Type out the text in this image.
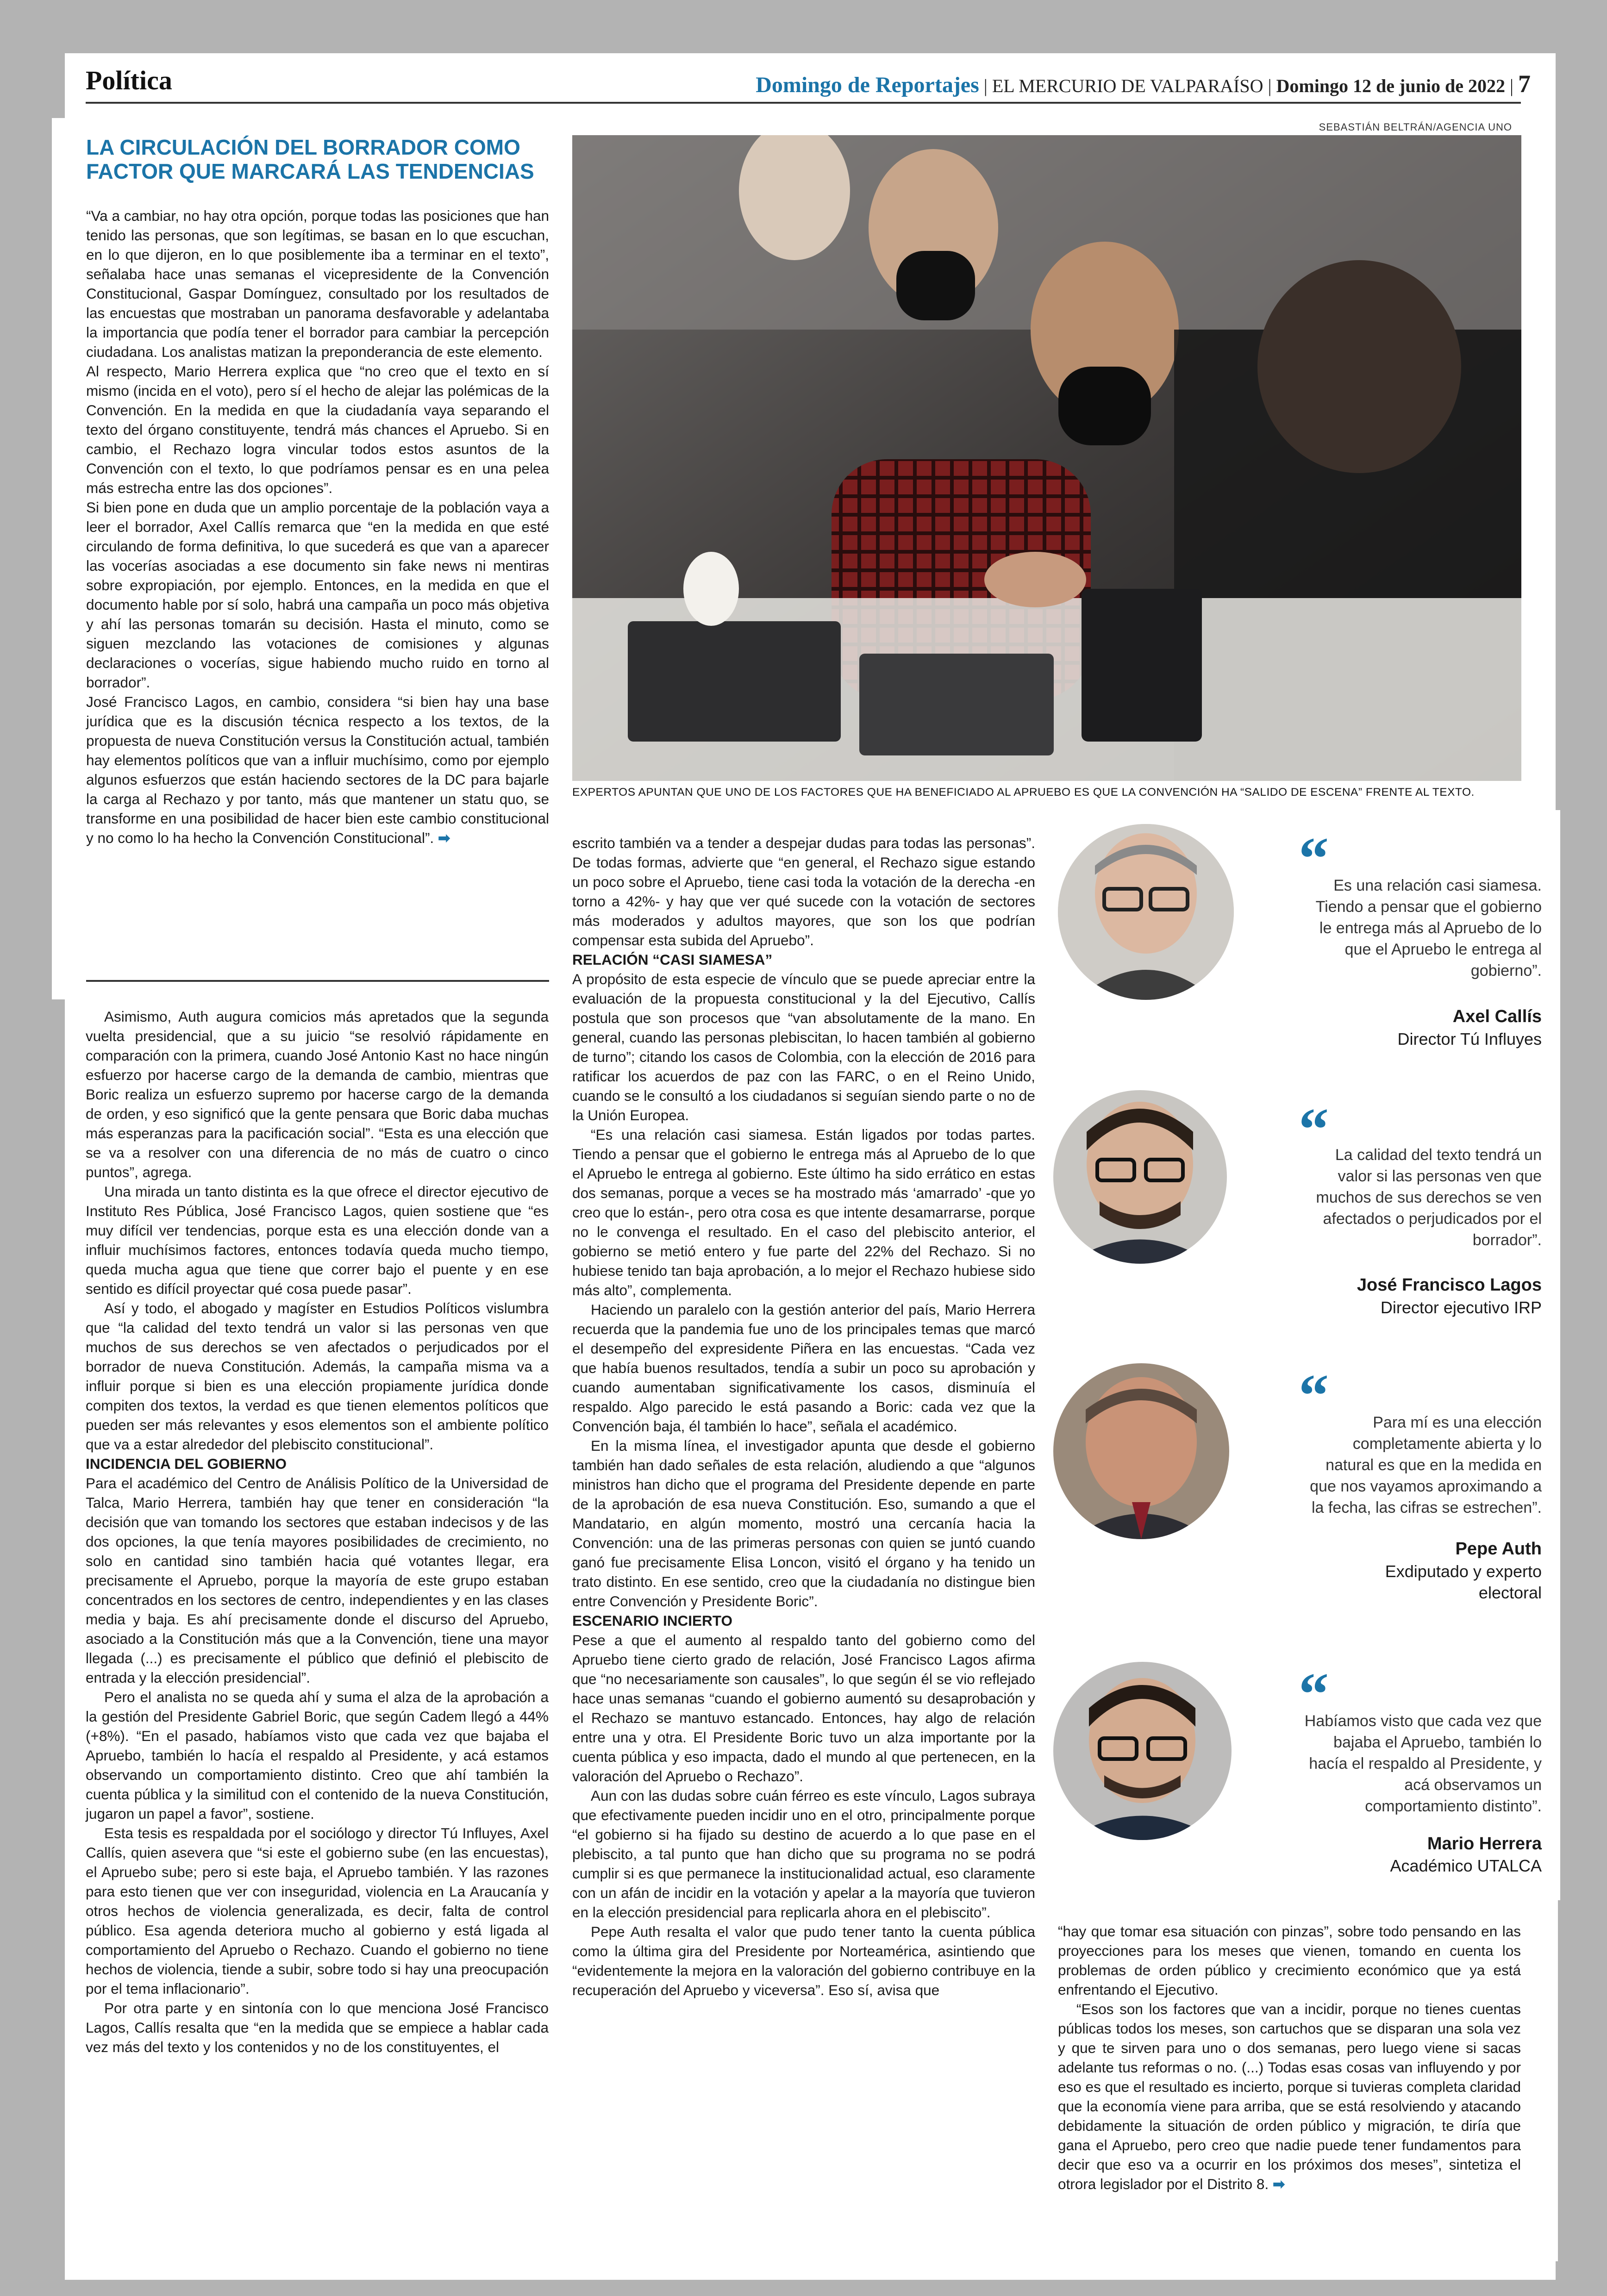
Política	Domingo de Reportajes | EL MERCURIO DE VALPARAÍSO | Domingo 12 de junio de 2022 | 7
SEBASTIÁN BELTRÁN/AGENCIA UNO
EXPERTOS APUNTAN QUE UNO DE LOS FACTORES QUE HA BENEFICIADO AL APRUEBO ES QUE LA CONVENCIÓN HA “SALIDO DE ESCENA” FRENTE AL TEXTO.
LA CIRCULACIÓN DEL BORRADOR COMO FACTOR QUE MARCARÁ LAS TENDENCIAS

“Va a cambiar, no hay otra opción, porque todas las posiciones que han tenido las personas, que son legítimas, se basan en lo que escuchan, en lo que dijeron, en lo que posiblemente iba a terminar en el texto”, señalaba hace unas semanas el vicepresidente de la Convención Constitucional, Gaspar Domínguez, consultado por los resultados de las encuestas que mostraban un panorama desfavorable y adelantaba la importancia que podía tener el borrador para cambiar la percepción ciudadana. Los analistas matizan la preponderancia de este elemento.

Al respecto, Mario Herrera explica que “no creo que el texto en sí mismo (incida en el voto), pero sí el hecho de alejar las polémicas de la Convención. En la medida en que la ciudadanía vaya separando el texto del órgano constituyente, tendrá más chances el Apruebo. Si en cambio, el Rechazo logra vincular todos estos asuntos de la Convención con el texto, lo que podríamos pensar es en una pelea más estrecha entre las dos opciones”.

Si bien pone en duda que un amplio porcentaje de la población vaya a leer el borrador, Axel Callís remarca que “en la medida en que esté circulando de forma definitiva, lo que sucederá es que van a aparecer las vocerías asociadas a ese documento sin fake news ni mentiras sobre expropiación, por ejemplo. Entonces, en la medida en que el documento hable por sí solo, habrá una campaña un poco más objetiva y ahí las personas tomarán su decisión. Hasta el minuto, como se siguen mezclando las votaciones de comisiones y algunas declaraciones o vocerías, sigue habiendo mucho ruido en torno al borrador”.

José Francisco Lagos, en cambio, considera “si bien hay una base jurídica que es la discusión técnica respecto a los textos, de la propuesta de nueva Constitución versus la Constitución actual, también hay elementos políticos que van a influir muchísimo, como por ejemplo algunos esfuerzos que están haciendo sectores de la DC para bajarle la carga al Rechazo y por tanto, más que mantener un statu quo, se transforme en una posibilidad de hacer bien este cambio constitucional y no como lo ha hecho la Convención Constitucional”. ➡

Asimismo, Auth augura comicios más apretados que la segunda vuelta presidencial, que a su juicio “se resolvió rápidamente en comparación con la primera, cuando José Antonio Kast no hace ningún esfuerzo por hacerse cargo de la demanda de cambio, mientras que Boric realiza un esfuerzo supremo por hacerse cargo de la demanda de orden, y eso significó que la gente pensara que Boric daba muchas más esperanzas para la pacificación social”. “Esta es una elección que se va a resolver con una diferencia de no más de cuatro o cinco puntos”, agrega.

Una mirada un tanto distinta es la que ofrece el director ejecutivo de Instituto Res Pública, José Francisco Lagos, quien sostiene que “es muy difícil ver tendencias, porque esta es una elección donde van a influir muchísimos factores, entonces todavía queda mucho tiempo, queda mucha agua que tiene que correr bajo el puente y en ese sentido es difícil proyectar qué cosa puede pasar”.

Así y todo, el abogado y magíster en Estudios Políticos vislumbra que “la calidad del texto tendrá un valor si las personas ven que muchos de sus derechos se ven afectados o perjudicados por el borrador de nueva Constitución. Además, la campaña misma va a influir porque si bien es una elección propiamente jurídica donde compiten dos textos, la verdad es que tienen elementos políticos que pueden ser más relevantes y esos elementos son el ambiente político que va a estar alrededor del plebiscito constitucional”.

INCIDENCIA DEL GOBIERNO

Para el académico del Centro de Análisis Político de la Universidad de Talca, Mario Herrera, también hay que tener en consideración “la decisión que van tomando los sectores que estaban indecisos y de las dos opciones, la que tenía mayores posibilidades de crecimiento, no solo en cantidad sino también hacia qué votantes llegar, era precisamente el Apruebo, porque la mayoría de este grupo estaban concentrados en los sectores de centro, independientes y en las clases media y baja. Es ahí precisamente donde el discurso del Apruebo, asociado a la Constitución más que a la Convención, tiene una mayor llegada (...) es precisamente el público que definió el plebiscito de entrada y la elección presidencial”.

Pero el analista no se queda ahí y suma el alza de la aprobación a la gestión del Presidente Gabriel Boric, que según Cadem llegó a 44% (+8%). “En el pasado, habíamos visto que cada vez que bajaba el Apruebo, también lo hacía el respaldo al Presidente, y acá estamos observando un comportamiento distinto. Creo que ahí también la cuenta pública y la similitud con el contenido de la nueva Constitución, jugaron un papel a favor”, sostiene.

Esta tesis es respaldada por el sociólogo y director Tú Influyes, Axel Callís, quien asevera que “si este el gobierno sube (en las encuestas), el Apruebo sube; pero si este baja, el Apruebo también. Y las razones para esto tienen que ver con inseguridad, violencia en La Araucanía y otros hechos de violencia generalizada, es decir, falta de control público. Esa agenda deteriora mucho al gobierno y está ligada al comportamiento del Apruebo o Rechazo. Cuando el gobierno no tiene hechos de violencia, tiende a subir, sobre todo si hay una preocupación por el tema inflacionario”.

Por otra parte y en sintonía con lo que menciona José Francisco Lagos, Callís resalta que “en la medida que se empiece a hablar cada vez más del texto y los contenidos y no de los constituyentes, el

escrito también va a tender a despejar dudas para todas las personas”. De todas formas, advierte que “en general, el Rechazo sigue estando un poco sobre el Apruebo, tiene casi toda la votación de la derecha -en torno a 42%- y hay que ver qué sucede con la votación de sectores más moderados y adultos mayores, que son los que podrían compensar esta subida del Apruebo”.

RELACIÓN “CASI SIAMESA”

A propósito de esta especie de vínculo que se puede apreciar entre la evaluación de la propuesta constitucional y la del Ejecutivo, Callís postula que son procesos que “van absolutamente de la mano. En general, cuando las personas plebiscitan, lo hacen también al gobierno de turno”; citando los casos de Colombia, con la elección de 2016 para ratificar los acuerdos de paz con las FARC, o en el Reino Unido, cuando se le consultó a los ciudadanos si seguían siendo parte o no de la Unión Europea.

“Es una relación casi siamesa. Están ligados por todas partes. Tiendo a pensar que el gobierno le entrega más al Apruebo de lo que el Apruebo le entrega al gobierno. Este último ha sido errático en estas dos semanas, porque a veces se ha mostrado más ‘amarrado’ -que yo creo que lo están-, pero otra cosa es que intente desamarrarse, porque no le convenga el resultado. En el caso del plebiscito anterior, el gobierno se metió entero y fue parte del 22% del Rechazo. Si no hubiese tenido tan baja aprobación, a lo mejor el Rechazo hubiese sido más alto”, complementa.

Haciendo un paralelo con la gestión anterior del país, Mario Herrera recuerda que la pandemia fue uno de los principales temas que marcó el desempeño del expresidente Piñera en las encuestas. “Cada vez que había buenos resultados, tendía a subir un poco su aprobación y cuando aumentaban significativamente los casos, disminuía el respaldo. Algo parecido le está pasando a Boric: cada vez que la Convención baja, él también lo hace”, señala el académico.

En la misma línea, el investigador apunta que desde el gobierno también han dado señales de esta relación, aludiendo a que “algunos ministros han dicho que el programa del Presidente depende en parte de la aprobación de esa nueva Constitución. Eso, sumando a que el Mandatario, en algún momento, mostró una cercanía hacia la Convención: una de las primeras personas con quien se juntó cuando ganó fue precisamente Elisa Loncon, visitó el órgano y ha tenido un trato distinto. En ese sentido, creo que la ciudadanía no distingue bien entre Convención y Presidente Boric”.

ESCENARIO INCIERTO

Pese a que el aumento al respaldo tanto del gobierno como del Apruebo tiene cierto grado de relación, José Francisco Lagos afirma que “no necesariamente son causales”, lo que según él se vio reflejado hace unas semanas “cuando el gobierno aumentó su desaprobación y el Rechazo se mantuvo estancado. Entonces, hay algo de relación entre una y otra. El Presidente Boric tuvo un alza importante por la cuenta pública y eso impacta, dado el mundo al que pertenecen, en la valoración del Apruebo o Rechazo”.

Aun con las dudas sobre cuán férreo es este vínculo, Lagos subraya que efectivamente pueden incidir uno en el otro, principalmente porque “el gobierno si ha fijado su destino de acuerdo a lo que pase en el plebiscito, a tal punto que han dicho que su programa no se podrá cumplir si es que permanece la institucionalidad actual, eso claramente con un afán de incidir en la votación y apelar a la mayoría que tuvieron en la elección presidencial para replicarla ahora en el plebiscito”.

Pepe Auth resalta el valor que pudo tener tanto la cuenta pública como la última gira del Presidente por Norteamérica, asintiendo que “evidentemente la mejora en la valoración del gobierno contribuye en la recuperación del Apruebo y viceversa”. Eso sí, avisa que

“ Es una relación casi siamesa. Tiendo a pensar que el gobierno le entrega más al Apruebo de lo que el Apruebo le entrega al gobierno”.
Axel Callís
Director Tú Influyes
“ La calidad del texto tendrá un valor si las personas ven que muchos de sus derechos se ven afectados o perjudicados por el borrador”.
José Francisco Lagos
Director ejecutivo IRP
“	Para mí es una elección completamente abierta y lo natural es que en la medida en que nos vayamos aproximando a la fecha, las cifras se estrechen”.
Pepe Auth
Exdiputado y experto electoral
“
Habíamos visto que cada vez que bajaba el Apruebo, también lo hacía el respaldo al Presidente, y acá observamos un comportamiento distinto”.
Mario Herrera
Académico UTALCA

“hay que tomar esa situación con pinzas”, sobre todo pensando en las proyecciones para los meses que vienen, tomando en cuenta los problemas de orden público y crecimiento económico que ya está enfrentando el Ejecutivo.

“Esos son los factores que van a incidir, porque no tienes cuentas públicas todos los meses, son cartuchos que se disparan una sola vez y que te sirven para uno o dos semanas, pero luego viene si sacas adelante tus reformas o no. (...) Todas esas cosas van influyendo y por eso es que el resultado es incierto, porque si tuvieras completa claridad que la economía viene para arriba, que se está resolviendo y atacando debidamente la situación de orden público y migración, te diría que gana el Apruebo, pero creo que nadie puede tener fundamentos para decir que eso va a ocurrir en los próximos dos meses”, sintetiza el otrora legislador por el Distrito 8. ➡
